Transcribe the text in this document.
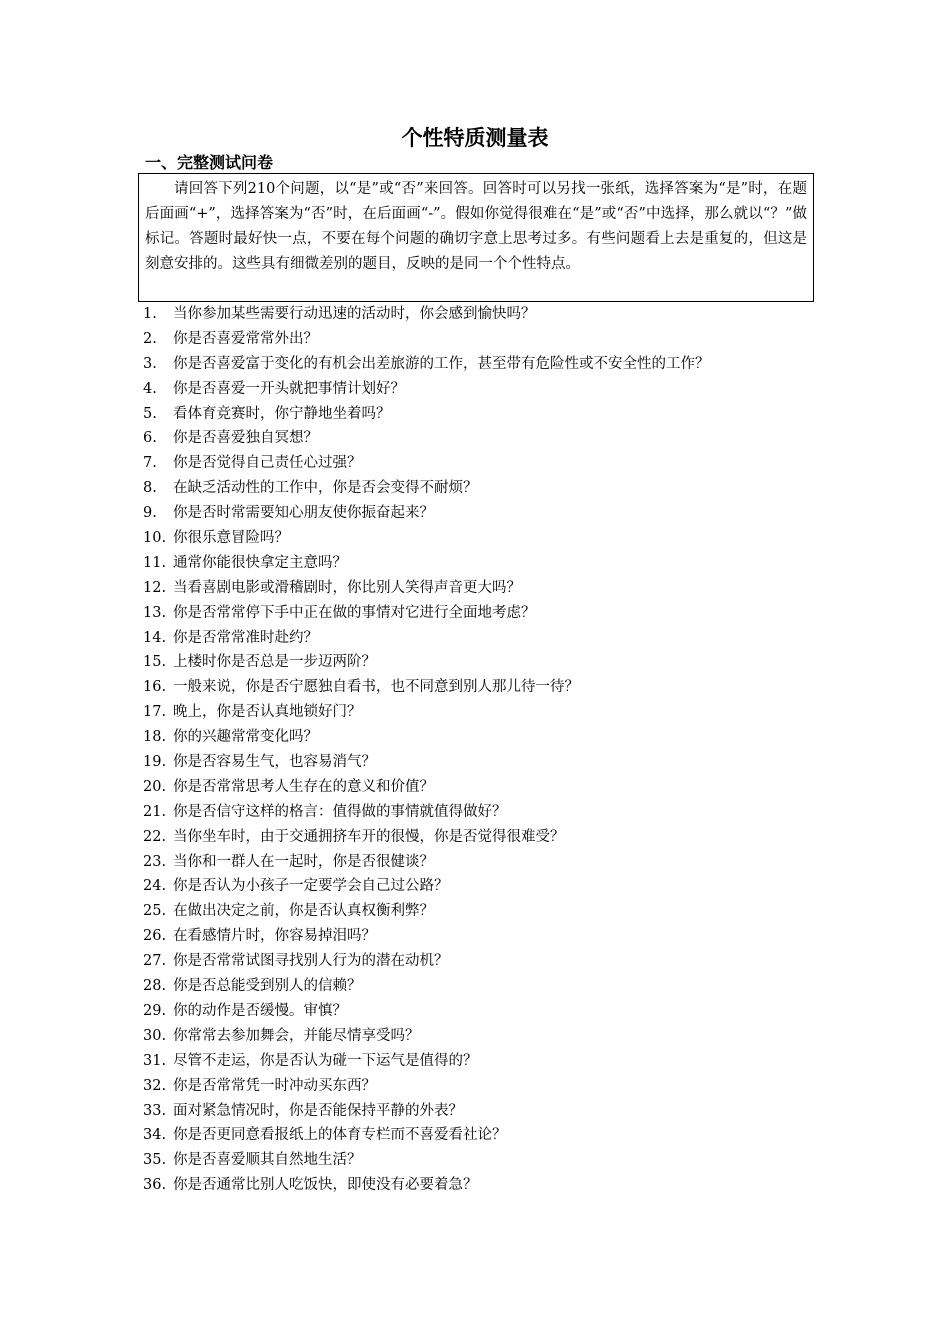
个性特质测量表
一、完整测试问卷
请回答下列210个问题，以“是”或“否”来回答。回答时可以另找一张纸，选择答案为“是”时，在题后面画“+”，选择答案为“否”时，在后面画“-”。假如你觉得很难在“是”或“否”中选择，那么就以“？”做标记。答题时最好快一点，不要在每个问题的确切字意上思考过多。有些问题看上去是重复的，但这是刻意安排的。这些具有细微差别的题目，反映的是同一个个性特点。
1.	当你参加某些需要行动迅速的活动时，你会感到愉快吗？
2.	你是否喜爱常常外出？
3.	你是否喜爱富于变化的有机会出差旅游的工作，甚至带有危险性或不安全性的工作？
4.	你是否喜爱一开头就把事情计划好？
5.	看体育竞赛时，你宁静地坐着吗？
6.	你是否喜爱独自冥想？
7.	你是否觉得自己责任心过强？
8.	在缺乏活动性的工作中，你是否会变得不耐烦？
9.	你是否时常需要知心朋友使你振奋起来？
10. 你很乐意冒险吗？
11. 通常你能很快拿定主意吗？
12. 当看喜剧电影或滑稽剧时，你比别人笑得声音更大吗？
13. 你是否常常停下手中正在做的事情对它进行全面地考虑？
14. 你是否常常准时赴约？
15. 上楼时你是否总是一步迈两阶？
16. 一般来说，你是否宁愿独自看书，也不同意到别人那儿待一待？
17. 晚上，你是否认真地锁好门？
18. 你的兴趣常常变化吗？
19. 你是否容易生气，也容易消气？
20. 你是否常常思考人生存在的意义和价值？
21. 你是否信守这样的格言：值得做的事情就值得做好？
22. 当你坐车时，由于交通拥挤车开的很慢，你是否觉得很难受？
23. 当你和一群人在一起时，你是否很健谈？
24. 你是否认为小孩子一定要学会自己过公路？
25. 在做出决定之前，你是否认真权衡利弊？
26. 在看感情片时，你容易掉泪吗？
27. 你是否常常试图寻找别人行为的潜在动机？
28. 你是否总能受到别人的信赖？
29. 你的动作是否缓慢。审慎？
30. 你常常去参加舞会，并能尽情享受吗？
31. 尽管不走运，你是否认为碰一下运气是值得的？
32. 你是否常常凭一时冲动买东西？
33. 面对紧急情况时，你是否能保持平静的外表？
34. 你是否更同意看报纸上的体育专栏而不喜爱看社论？
35. 你是否喜爱顺其自然地生活？
36. 你是否通常比别人吃饭快，即使没有必要着急？
